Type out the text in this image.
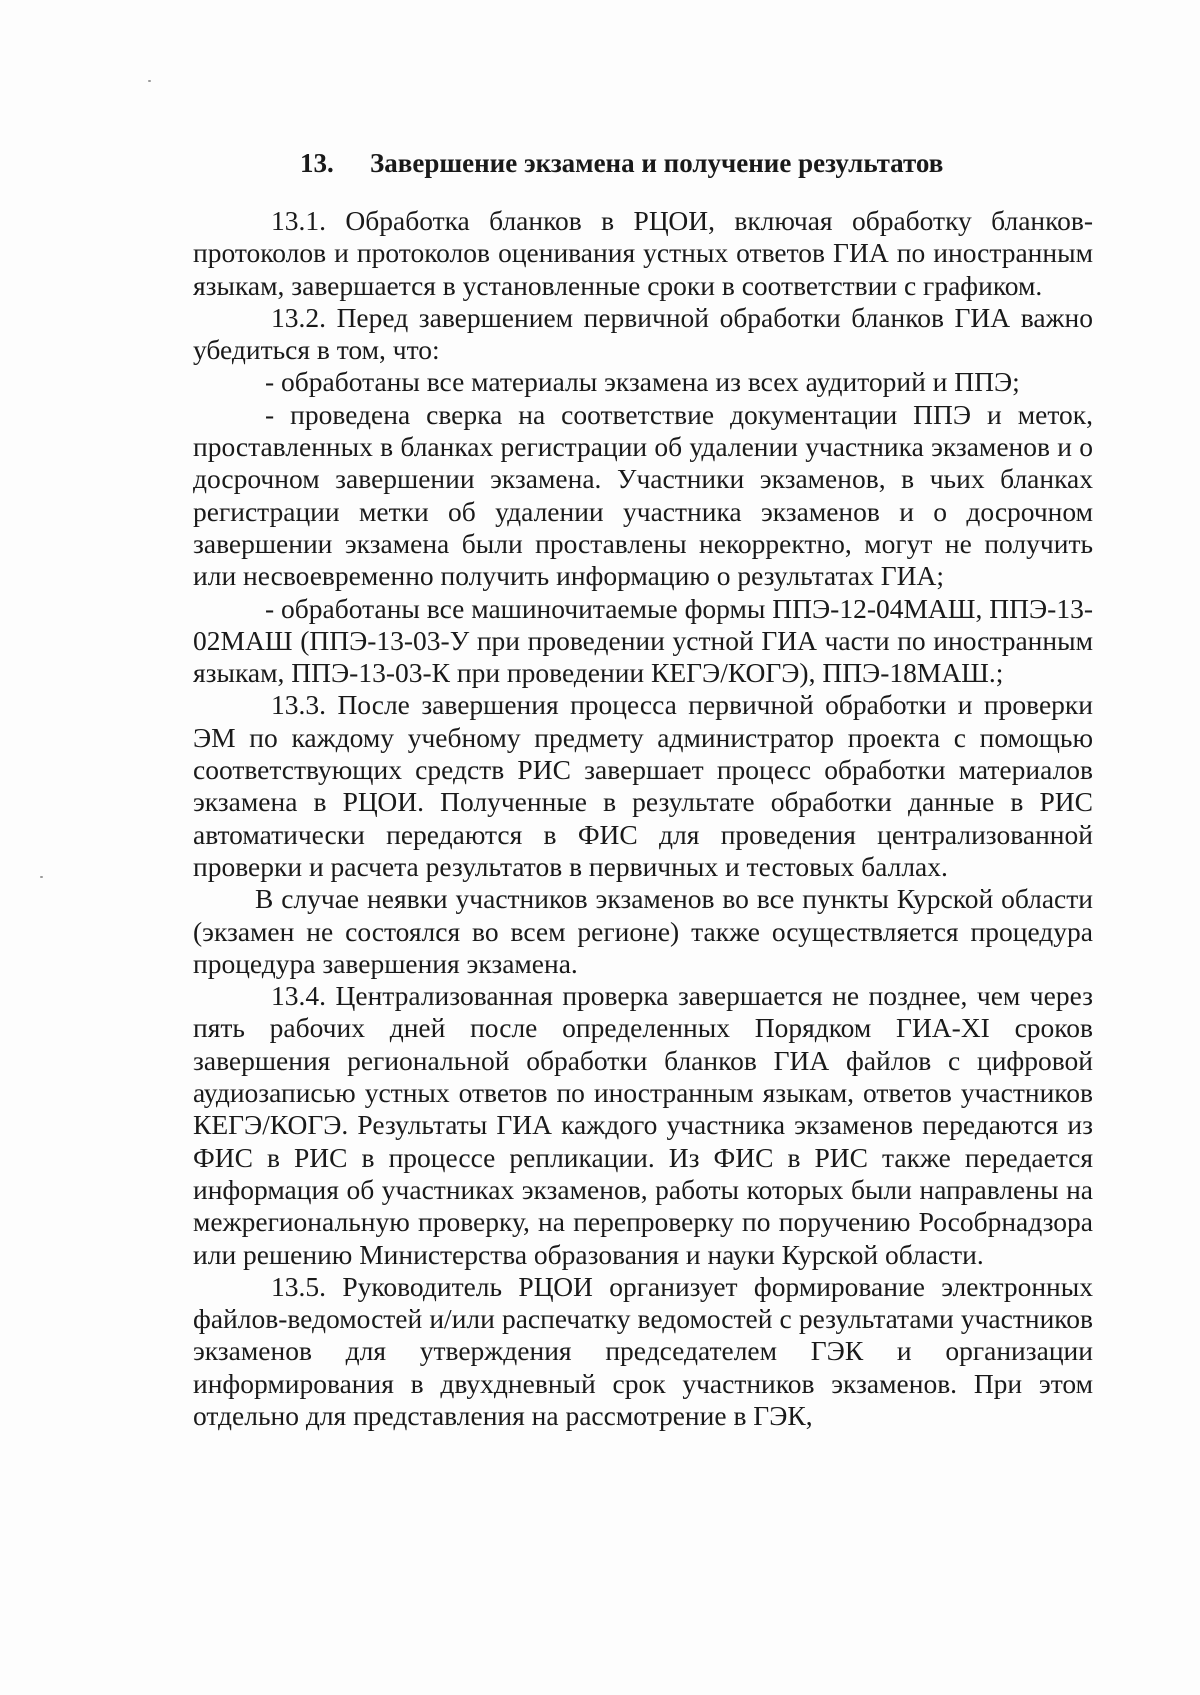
13. Завершение экзамена и получение результатов

13.1. Обработка бланков в РЦОИ, включая обработку бланков-протоколов и протоколов оценивания устных ответов ГИА по иностранным языкам, завершается в установленные сроки в соответствии с графиком.

13.2. Перед завершением первичной обработки бланков ГИА важно убедиться в том, что:

- обработаны все материалы экзамена из всех аудиторий и ППЭ;

- проведена сверка на соответствие документации ППЭ и меток, проставленных в бланках регистрации об удалении участника экзаменов и о досрочном завершении экзамена. Участники экзаменов, в чьих бланках регистрации метки об удалении участника экзаменов и о досрочном завершении экзамена были проставлены некорректно, могут не получить или несвоевременно получить информацию о результатах ГИА;

- обработаны все машиночитаемые формы ППЭ-12-04МАШ, ППЭ-13-02МАШ (ППЭ-13-03-У при проведении устной ГИА части по иностранным языкам, ППЭ-13-03-К при проведении КЕГЭ/КОГЭ), ППЭ-18МАШ.;

13.3. После завершения процесса первичной обработки и проверки ЭМ по каждому учебному предмету администратор проекта с помощью соответствующих средств РИС завершает процесс обработки материалов экзамена в РЦОИ. Полученные в результате обработки данные в РИС автоматически передаются в ФИС для проведения централизованной проверки и расчета результатов в первичных и тестовых баллах.

В случае неявки участников экзаменов во все пункты Курской области (экзамен не состоялся во всем регионе) также осуществляется процедура процедура завершения экзамена.

13.4. Централизованная проверка завершается не позднее, чем через пять рабочих дней после определенных Порядком ГИА-XI сроков завершения региональной обработки бланков ГИА файлов с цифровой аудиозаписью устных ответов по иностранным языкам, ответов участников КЕГЭ/КОГЭ. Результаты ГИА каждого участника экзаменов передаются из ФИС в РИС в процессе репликации. Из ФИС в РИС также передается информация об участниках экзаменов, работы которых были направлены на межрегиональную проверку, на перепроверку по поручению Рособрнадзора или решению Министерства образования и науки Курской области.

13.5. Руководитель РЦОИ организует формирование электронных файлов-ведомостей и/или распечатку ведомостей с результатами участников экзаменов для утверждения председателем ГЭК и организации информирования в двухдневный срок участников экзаменов. При этом отдельно для представления на рассмотрение в ГЭК,
